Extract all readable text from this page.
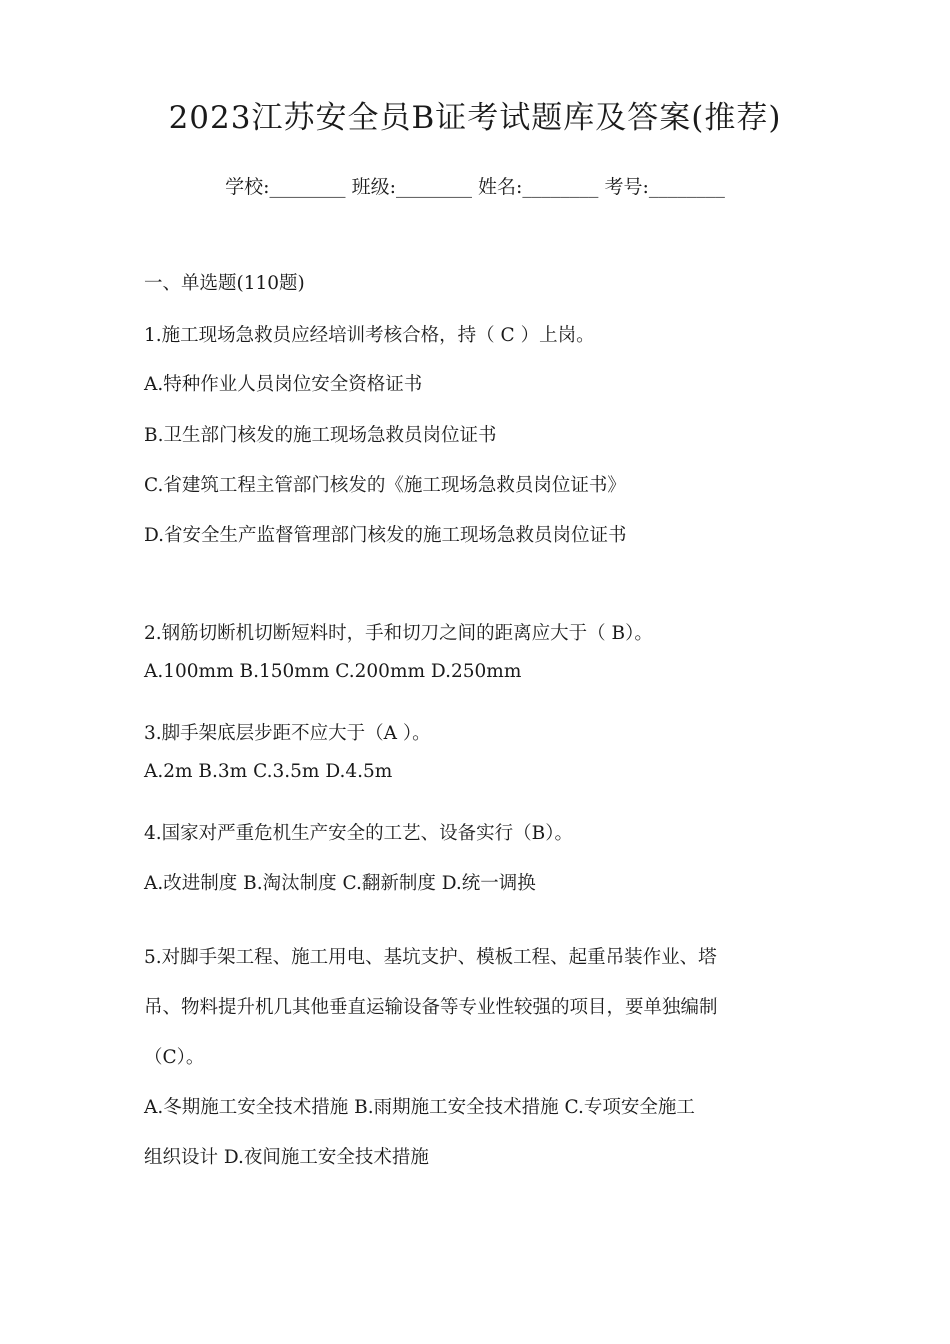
2023江苏安全员B证考试题库及答案(推荐)
学校:________ 班级:________ 姓名:________ 考号:________
一、单选题(110题)
1.施工现场急救员应经培训考核合格，持（ C ）上岗。
A.特种作业人员岗位安全资格证书
B.卫生部门核发的施工现场急救员岗位证书
C.省建筑工程主管部门核发的《施工现场急救员岗位证书》
D.省安全生产监督管理部门核发的施工现场急救员岗位证书
2.钢筋切断机切断短料时，手和切刀之间的距离应大于（ B）。
A.100mm B.150mm C.200mm D.250mm
3.脚手架底层步距不应大于（A ）。
A.2m B.3m C.3.5m D.4.5m
4.国家对严重危机生产安全的工艺、设备实行（B）。
A.改进制度 B.淘汰制度 C.翻新制度 D.统一调换
5.对脚手架工程、施工用电、基坑支护、模板工程、起重吊装作业、塔
吊、物料提升机几其他垂直运输设备等专业性较强的项目，要单独编制
（C）。
A.冬期施工安全技术措施 B.雨期施工安全技术措施 C.专项安全施工
组织设计 D.夜间施工安全技术措施
